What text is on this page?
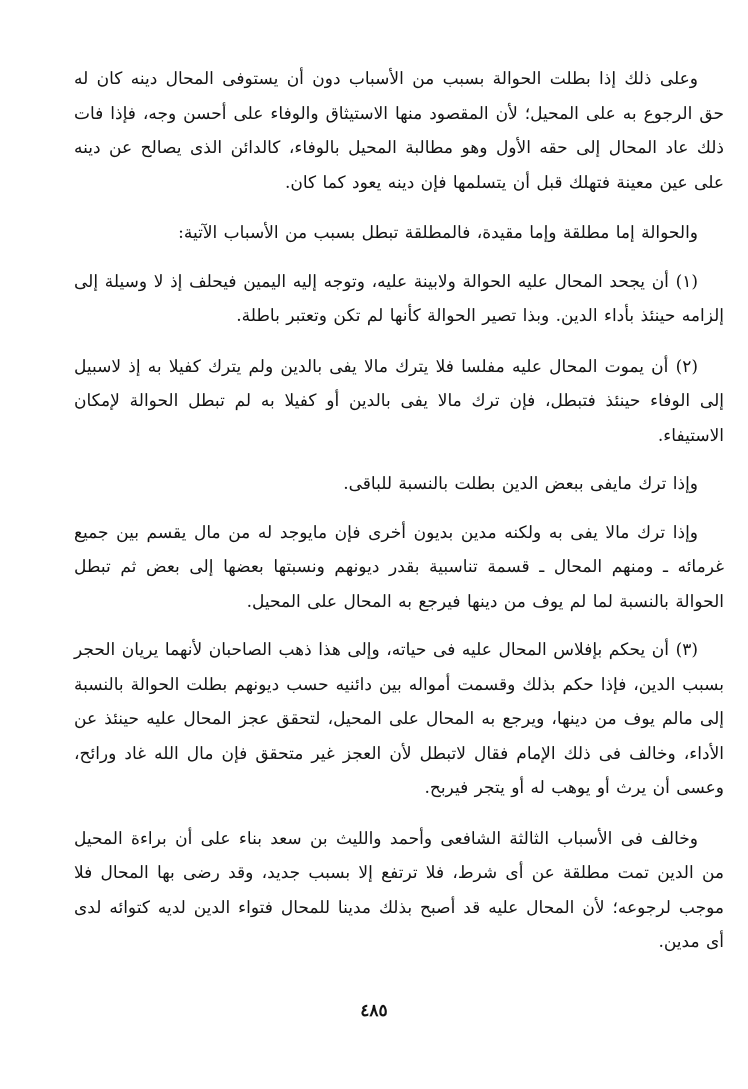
وعلى ذلك إذا بطلت الحوالة بسبب من الأسباب دون أن يستوفى المحال دينه كان له حق الرجوع به على المحيل؛ لأن المقصود منها الاستيثاق والوفاء على أحسن وجه، فإذا فات ذلك عاد المحال إلى حقه الأول وهو مطالبة المحيل بالوفاء، كالدائن الذى يصالح عن دينه على عين معينة فتهلك قبل أن يتسلمها فإن دينه يعود كما كان.

والحوالة إما مطلقة وإما مقيدة، فالمطلقة تبطل بسبب من الأسباب الآتية:

(١) أن يجحد المحال عليه الحوالة ولابينة عليه، وتوجه إليه اليمين فيحلف إذ لا وسيلة إلى إلزامه حينئذ بأداء الدين. وبذا تصير الحوالة كأنها لم تكن وتعتبر باطلة.

(٢) أن يموت المحال عليه مفلسا فلا يترك مالا يفى بالدين ولم يترك كفيلا به إذ لاسبيل إلى الوفاء حينئذ فتبطل، فإن ترك مالا يفى بالدين أو كفيلا به لم تبطل الحوالة لإمكان الاستيفاء.

وإذا ترك مايفى ببعض الدين بطلت بالنسبة للباقى.

وإذا ترك مالا يفى به ولكنه مدين بديون أخرى فإن مايوجد له من مال يقسم بين جميع غرمائه ـ ومنهم المحال ـ قسمة تناسبية بقدر ديونهم ونسبتها بعضها إلى بعض ثم تبطل الحوالة بالنسبة لما لم يوف من دينها فيرجع به المحال على المحيل.

(٣) أن يحكم بإفلاس المحال عليه فى حياته، وإلى هذا ذهب الصاحبان لأنهما يريان الحجر بسبب الدين، فإذا حكم بذلك وقسمت أمواله بين دائنيه حسب ديونهم بطلت الحوالة بالنسبة إلى مالم يوف من دينها، ويرجع به المحال على المحيل، لتحقق عجز المحال عليه حينئذ عن الأداء، وخالف فى ذلك الإمام فقال لاتبطل لأن العجز غير متحقق فإن مال الله غاد ورائح، وعسى أن يرث أو يوهب له أو يتجر فيربح.

وخالف فى الأسباب الثالثة الشافعى وأحمد والليث بن سعد بناء على أن براءة المحيل من الدين تمت مطلقة عن أى شرط، فلا ترتفع إلا بسبب جديد، وقد رضى بها المحال فلا موجب لرجوعه؛ لأن المحال عليه قد أصبح بذلك مدينا للمحال فتواء الدين لديه كتوائه لدى أى مدين.

٤٨٥
